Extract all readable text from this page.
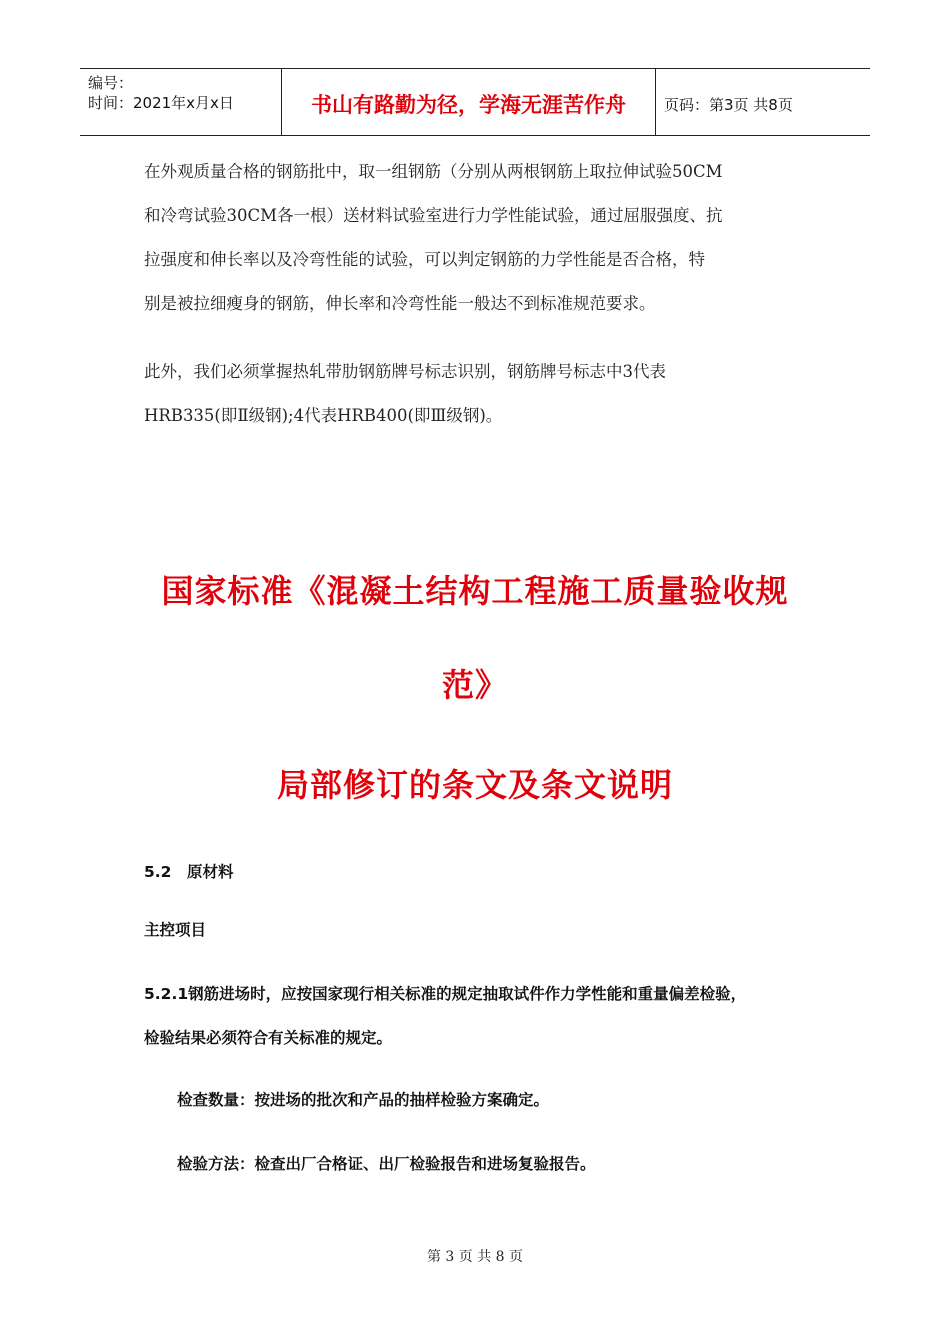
编号：
时间：2021年x月x日	书山有路勤为径，学海无涯苦作舟	页码：第3页 共8页
在外观质量合格的钢筋批中，取一组钢筋（分别从两根钢筋上取拉伸试验50CM
和冷弯试验30CM各一根）送材料试验室进行力学性能试验，通过屈服强度、抗
拉强度和伸长率以及冷弯性能的试验，可以判定钢筋的力学性能是否合格，特
别是被拉细瘦身的钢筋，伸长率和冷弯性能一般达不到标准规范要求。
此外，我们必须掌握热轧带肋钢筋牌号标志识别，钢筋牌号标志中3代表
HRB335(即Ⅱ级钢);4代表HRB400(即Ⅲ级钢)。
国家标准《混凝土结构工程施工质量验收规
范》
局部修订的条文及条文说明
5.2　原材料
主控项目
5.2.1钢筋进场时，应按国家现行相关标准的规定抽取试件作力学性能和重量偏差检验，
检验结果必须符合有关标准的规定。
检查数量：按进场的批次和产品的抽样检验方案确定。
检验方法：检查出厂合格证、出厂检验报告和进场复验报告。
第 3 页 共 8 页
